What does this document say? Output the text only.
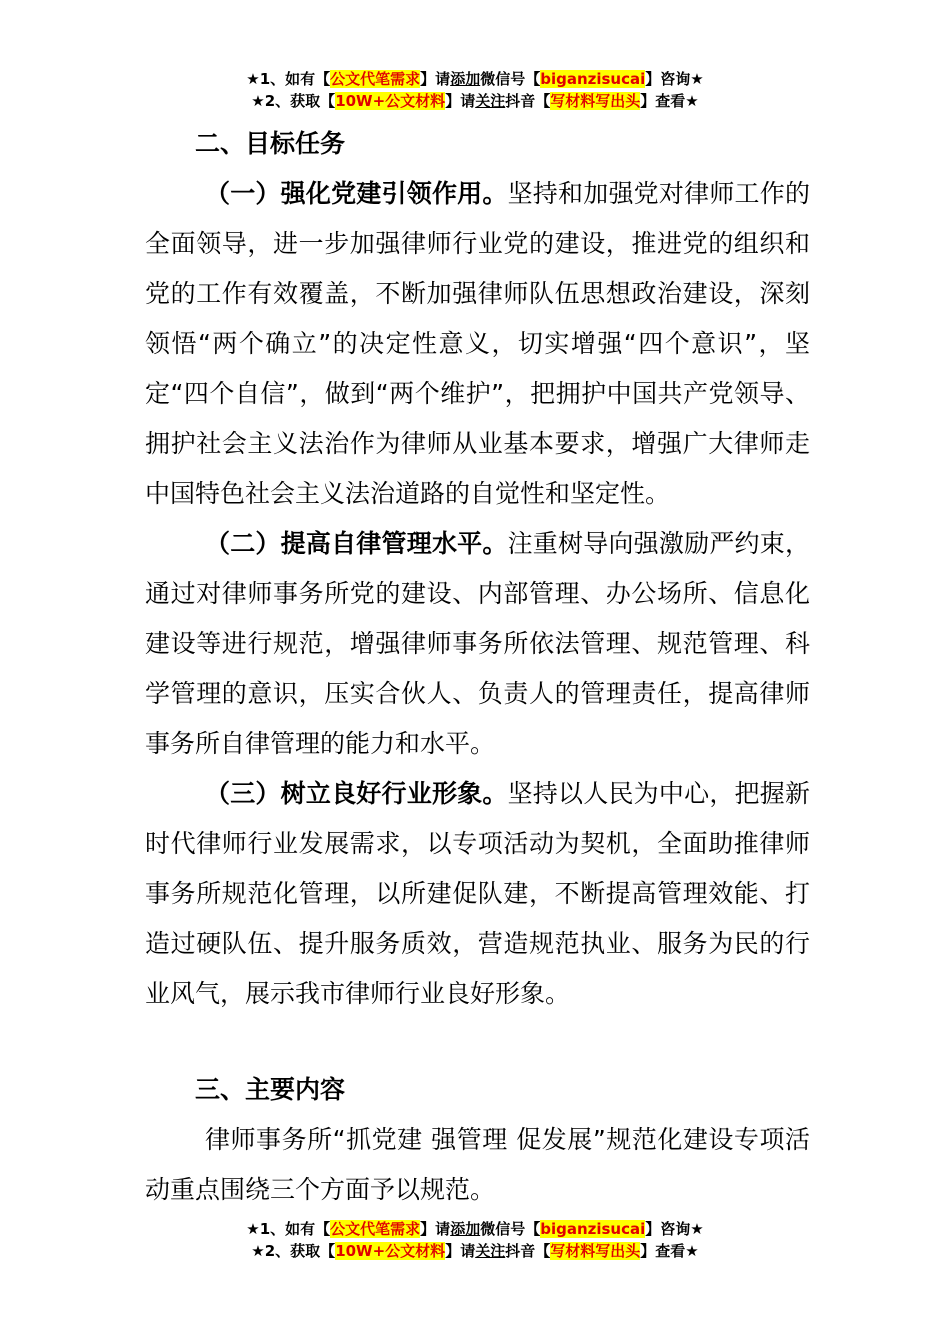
★1、如有【公文代笔需求】请添加微信号【biganzisucai】咨询★
★2、获取【10W+公文材料】请关注抖音【写材料写出头】查看★
二、目标任务

（一）强化党建引领作用。坚持和加强党对律师工作的全面领导，进一步加强律师行业党的建设，推进党的组织和党的工作有效覆盖，不断加强律师队伍思想政治建设，深刻领悟“两个确立”的决定性意义，切实增强“四个意识”，坚定“四个自信”，做到“两个维护”，把拥护中国共产党领导、拥护社会主义法治作为律师从业基本要求，增强广大律师走中国特色社会主义法治道路的自觉性和坚定性。

（二）提高自律管理水平。注重树导向强激励严约束，通过对律师事务所党的建设、内部管理、办公场所、信息化建设等进行规范，增强律师事务所依法管理、规范管理、科学管理的意识，压实合伙人、负责人的管理责任，提高律师事务所自律管理的能力和水平。

（三）树立良好行业形象。坚持以人民为中心，把握新时代律师行业发展需求，以专项活动为契机，全面助推律师事务所规范化管理，以所建促队建，不断提高管理效能、打造过硬队伍、提升服务质效，营造规范执业、服务为民的行业风气，展示我市律师行业良好形象。

三、主要内容

律师事务所“抓党建 强管理 促发展”规范化建设专项活动重点围绕三个方面予以规范。

★1、如有【公文代笔需求】请添加微信号【biganzisucai】咨询★
★2、获取【10W+公文材料】请关注抖音【写材料写出头】查看★
